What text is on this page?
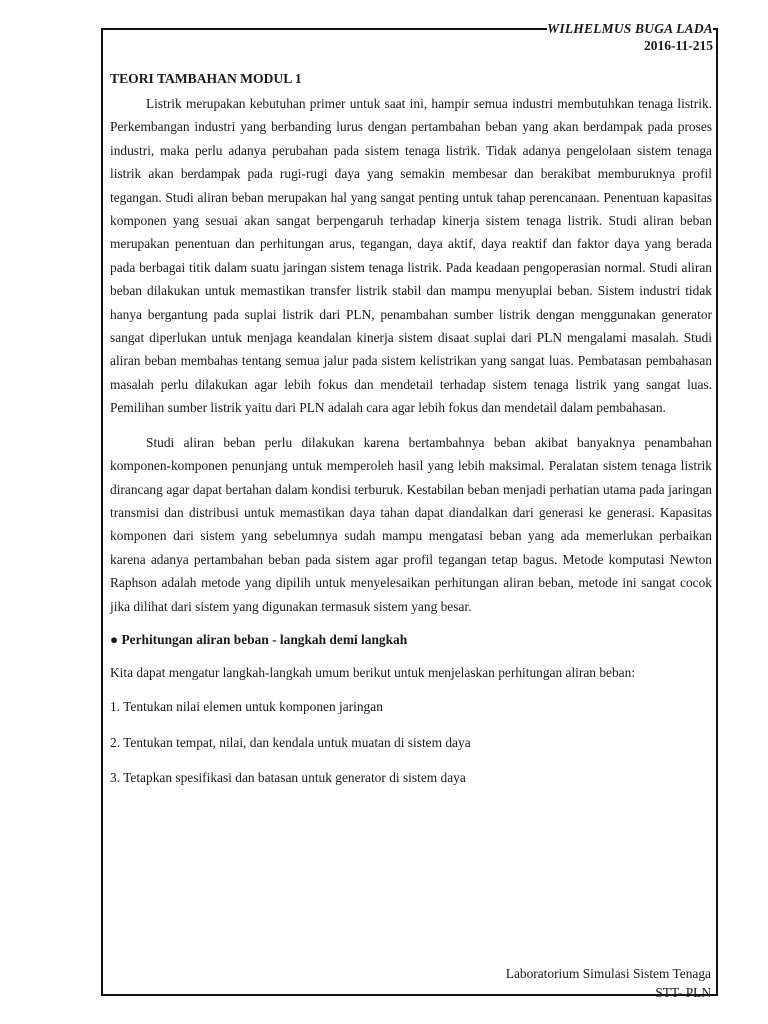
WILHELMUS BUGA LADA
2016-11-215
TEORI TAMBAHAN MODUL 1

Listrik merupakan kebutuhan primer untuk saat ini, hampir semua industri membutuhkan tenaga listrik. Perkembangan industri yang berbanding lurus dengan pertambahan beban yang akan berdampak pada proses industri, maka perlu adanya perubahan pada sistem tenaga listrik. Tidak adanya pengelolaan sistem tenaga listrik akan berdampak pada rugi-rugi daya yang semakin membesar dan berakibat memburuknya profil tegangan. Studi aliran beban merupakan hal yang sangat penting untuk tahap perencanaan. Penentuan kapasitas komponen yang sesuai akan sangat berpengaruh terhadap kinerja sistem tenaga listrik. Studi aliran beban merupakan penentuan dan perhitungan arus, tegangan, daya aktif, daya reaktif dan faktor daya yang berada pada berbagai titik dalam suatu jaringan sistem tenaga listrik. Pada keadaan pengoperasian normal. Studi aliran beban dilakukan untuk memastikan transfer listrik stabil dan mampu menyuplai beban. Sistem industri tidak hanya bergantung pada suplai listrik dari PLN, penambahan sumber listrik dengan menggunakan generator sangat diperlukan untuk menjaga keandalan kinerja sistem disaat suplai dari PLN mengalami masalah. Studi aliran beban membahas tentang semua jalur pada sistem kelistrikan yang sangat luas. Pembatasan pembahasan masalah perlu dilakukan agar lebih fokus dan mendetail terhadap sistem tenaga listrik yang sangat luas. Pemilihan sumber listrik yaitu dari PLN adalah cara agar lebih fokus dan mendetail dalam pembahasan.

Studi aliran beban perlu dilakukan karena bertambahnya beban akibat banyaknya penambahan komponen-komponen penunjang untuk memperoleh hasil yang lebih maksimal. Peralatan sistem tenaga listrik dirancang agar dapat bertahan dalam kondisi terburuk. Kestabilan beban menjadi perhatian utama pada jaringan transmisi dan distribusi untuk memastikan daya tahan dapat diandalkan dari generasi ke generasi. Kapasitas komponen dari sistem yang sebelumnya sudah mampu mengatasi beban yang ada memerlukan perbaikan karena adanya pertambahan beban pada sistem agar profil tegangan tetap bagus. Metode komputasi Newton Raphson adalah metode yang dipilih untuk menyelesaikan perhitungan aliran beban, metode ini sangat cocok jika dilihat dari sistem yang digunakan termasuk sistem yang besar.

● Perhitungan aliran beban - langkah demi langkah

Kita dapat mengatur langkah-langkah umum berikut untuk menjelaskan perhitungan aliran beban:

1. Tentukan nilai elemen untuk komponen jaringan
2. Tentukan tempat, nilai, dan kendala untuk muatan di sistem daya
3. Tetapkan spesifikasi dan batasan untuk generator di sistem daya
Laboratorium Simulasi Sistem Tenaga
STT- PLN
